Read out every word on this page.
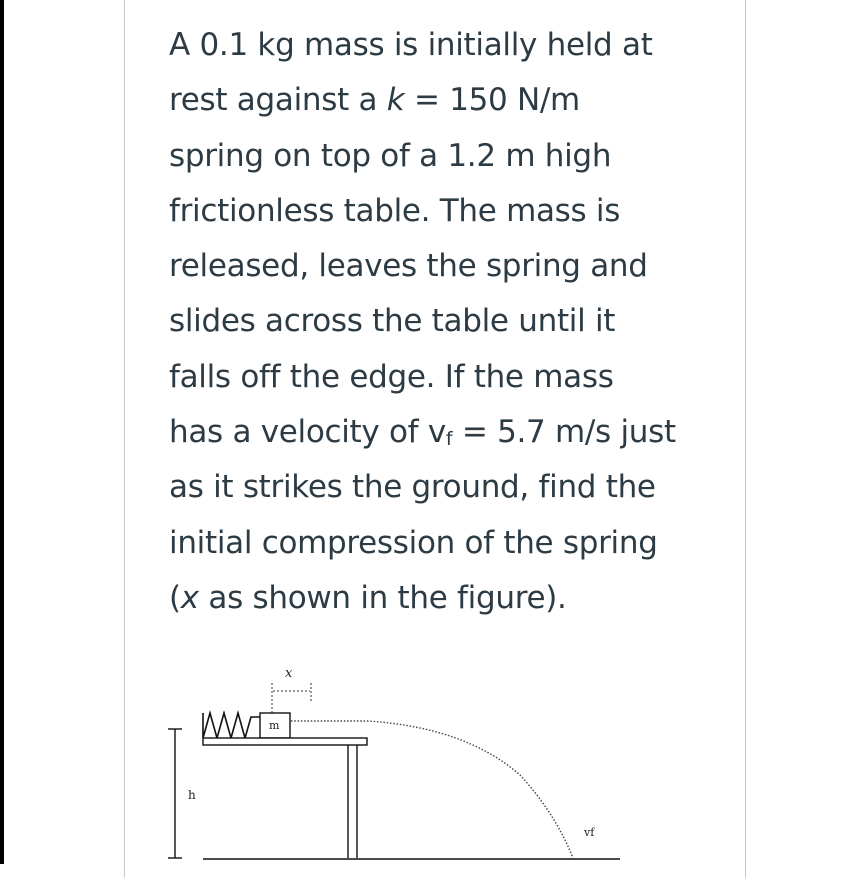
A 0.1 kg mass is initially held at

rest against a k = 150 N/m

spring on top of a 1.2 m high

frictionless table. The mass is

released, leaves the spring and

slides across the table until it

falls off the edge. If the mass

has a velocity of $v_f = 5.7$ m/s just

as it strikes the ground, find the

initial compression of the spring

(x as shown in the figure).

x
m
h
vf
